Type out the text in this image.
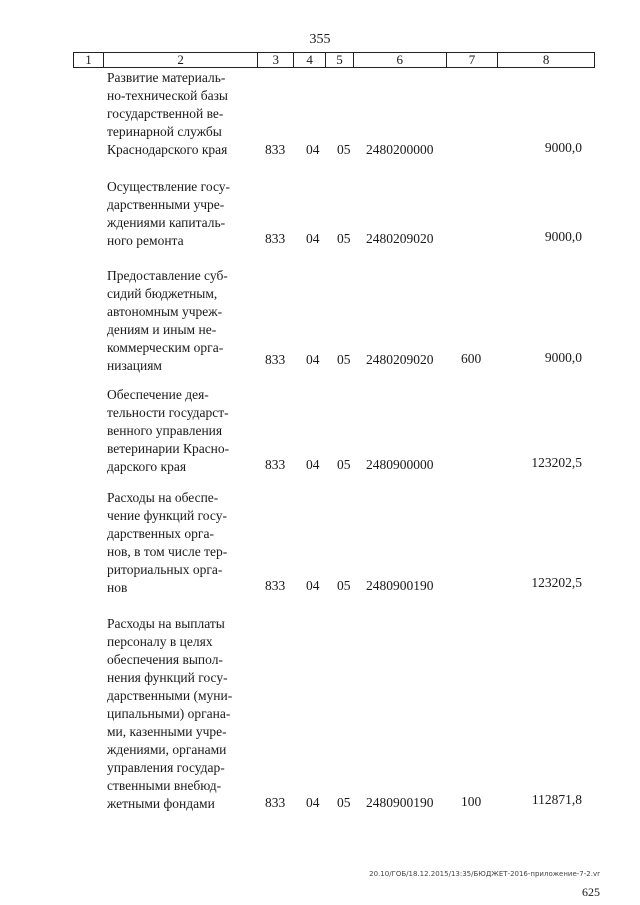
355
1	2	3	4	5	6	7	8
Развитие материаль-
но-технической базы
государственной ве-
теринарной службы
Краснодарского края	833 04 05 2480200000	9000,0
Осуществление госу-
дарственными учре-
ждениями капиталь-
ного ремонта	833 04 05 2480209020	9000,0
Предоставление суб-
сидий бюджетным,
автономным учреж-
дениям и иным не-
коммерческим орга-
низациям	833 04 05 2480209020 600	9000,0
Обеспечение дея-
тельности государст-
венного управления
ветеринарии Красно-
дарского края	833 04 05 2480900000	123202,5
Расходы на обеспе-
чение функций госу-
дарственных орга-
нов, в том числе тер-
риториальных орга-
нов	833 04 05 2480900190	123202,5
Расходы на выплаты
персоналу в целях
обеспечения выпол-
нения функций госу-
дарственными (муни-
ципальными) органа-
ми, казенными учре-
ждениями, органами
управления государ-
ственными внебюд-
жетными фондами	833 04 05 2480900190 100	112871,8
20.10/ГОБ/18.12.2015/13:35/БЮДЖЕТ-2016-приложение-7-2.vr
625
